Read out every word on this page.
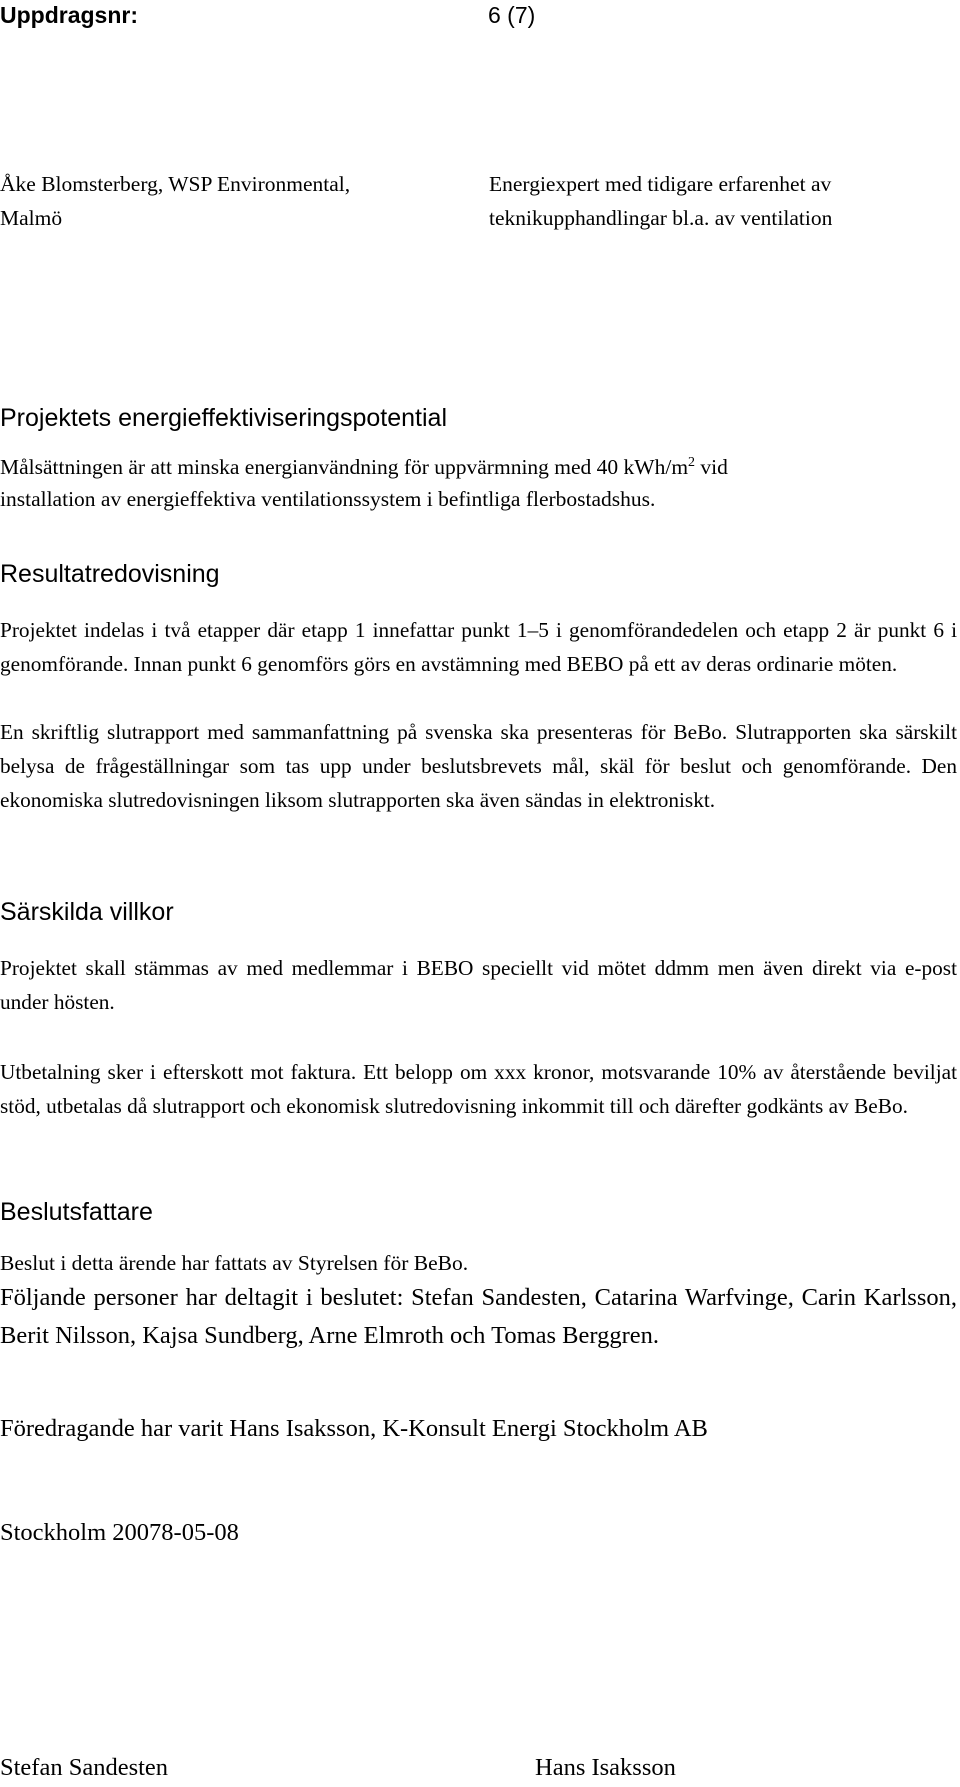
Uppdragsnr:	6 (7)
Åke Blomsterberg, WSP Environmental,
Malmö
Energiexpert med tidigare erfarenhet av
teknikupphandlingar bl.a. av ventilation
Projektets energieffektiviseringspotential
Målsättningen är att minska energianvändning för uppvärmning med 40 kWh/$m^2$ vid
installation av energieffektiva ventilationssystem i befintliga flerbostadshus.
Resultatredovisning

Projektet indelas i två etapper där etapp 1 innefattar punkt 1–5 i genomförandedelen och etapp 2 är punkt 6 i genomförande. Innan punkt 6 genomförs görs en avstämning med BEBO på ett av deras ordinarie möten.

En skriftlig slutrapport med sammanfattning på svenska ska presenteras för BeBo. Slutrapporten ska särskilt belysa de frågeställningar som tas upp under beslutsbrevets mål, skäl för beslut och genomförande. Den ekonomiska slutredovisningen liksom slutrapporten ska även sändas in elektroniskt.

Särskilda villkor

Projektet skall stämmas av med medlemmar i BEBO speciellt vid mötet ddmm men även direkt via e-post under hösten.

Utbetalning sker i efterskott mot faktura. Ett belopp om xxx kronor, motsvarande 10% av återstående beviljat stöd, utbetalas då slutrapport och ekonomisk slutredovisning inkommit till och därefter godkänts av BeBo.

Beslutsfattare
Beslut i detta ärende har fattats av Styrelsen för BeBo.

Följande personer har deltagit i beslutet: Stefan Sandesten, Catarina Warfvinge, Carin Karlsson, Berit Nilsson, Kajsa Sundberg, Arne Elmroth och Tomas Berggren.

Föredragande har varit Hans Isaksson, K-Konsult Energi Stockholm AB
Stockholm 20078-05-08
Stefan Sandesten	Hans Isaksson
